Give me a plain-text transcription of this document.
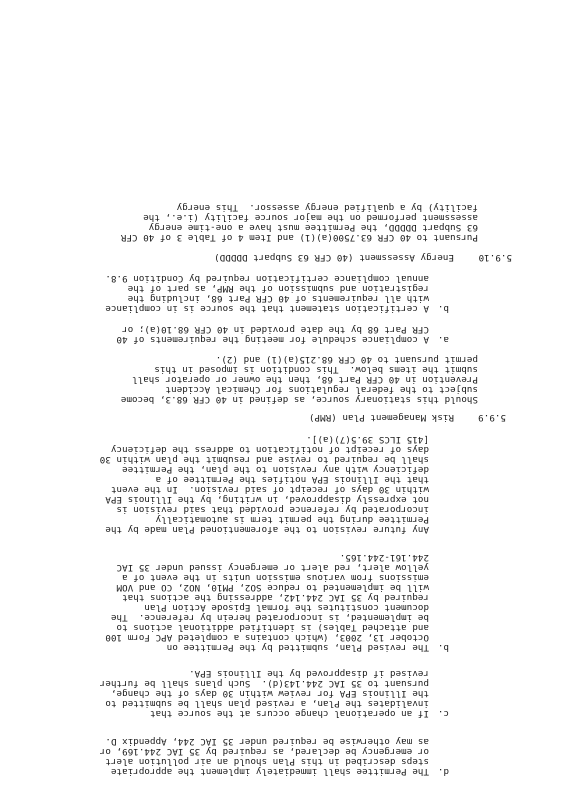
d.
The Permittee shall immediately implement the appropriate
steps described in this Plan should an air pollution alert
or emergency be declared, as required by 35 IAC 244.169, or
as may otherwise be required under 35 IAC 244, Appendix D.
c.
If an operational change occurs at the source that
invalidates the Plan, a revised plan shall be submitted to
the Illinois EPA for review within 30 days of the change,
pursuant to 35 IAC 244.143(d).  Such plans shall be further
revised if disapproved by the Illinois EPA.
b.
The revised Plan, submitted by the Permittee on
October 13, 2003, (which contains a completed APC Form 100
and attached Tables) is identified additional actions to
be implemented, is incorporated herein by reference.  The
document constitutes the formal Episode Action Plan
required by 35 IAC 244.142, addressing the actions that
will be implemented to reduce SO2, PM10, NO2, CO and VOM
emissions from various emission units in the event of a
yellow alert, red alert or emergency issued under 35 IAC
244.161-244.165.
Any future revision to the aforementioned Plan made by the
Permittee during the permit term is automatically
incorporated by reference provided that said revision is
not expressly disapproved, in writing, by the Illinois EPA
within 30 days of receipt of said revision.  In the event
that the Illinois EPA notifies the Permittee of a
deficiency with any revision to the plan, the Permittee
shall be required to revise and resubmit the plan within 30
days of receipt of notification to address the deficiency
[415 ILCS 39.5(7)(a)].
5.9.9
Risk Management Plan (RMP)
Should this stationary source, as defined in 40 CFR 68.3, become
subject to the federal regulations for Chemical Accident
Prevention in 40 CFR Part 68, then the owner or operator shall
submit the items below.  This condition is imposed in this
permit pursuant to 40 CFR 68.215(a)(1) and (2).
a.
A compliance schedule for meeting the requirements of 40
CFR Part 68 by the date provided in 40 CFR 68.10(a); or
b.
A certification statement that the source is in compliance
with all requirements of 40 CFR Part 68, including the
registration and submission of the RMP, as part of the
annual compliance certification required by Condition 9.8.
5.9.10
Energy Assessment (40 CFR 63 Subpart DDDDD)
Pursuant to 40 CFR 63.7500(a)(1) and Item 4 of Table 3 of 40 CFR
63 Subpart DDDDD, the Permittee must have a one-time energy
assessment performed on the major source facility (i.e., the
facility) by a qualified energy assessor.  This energy
